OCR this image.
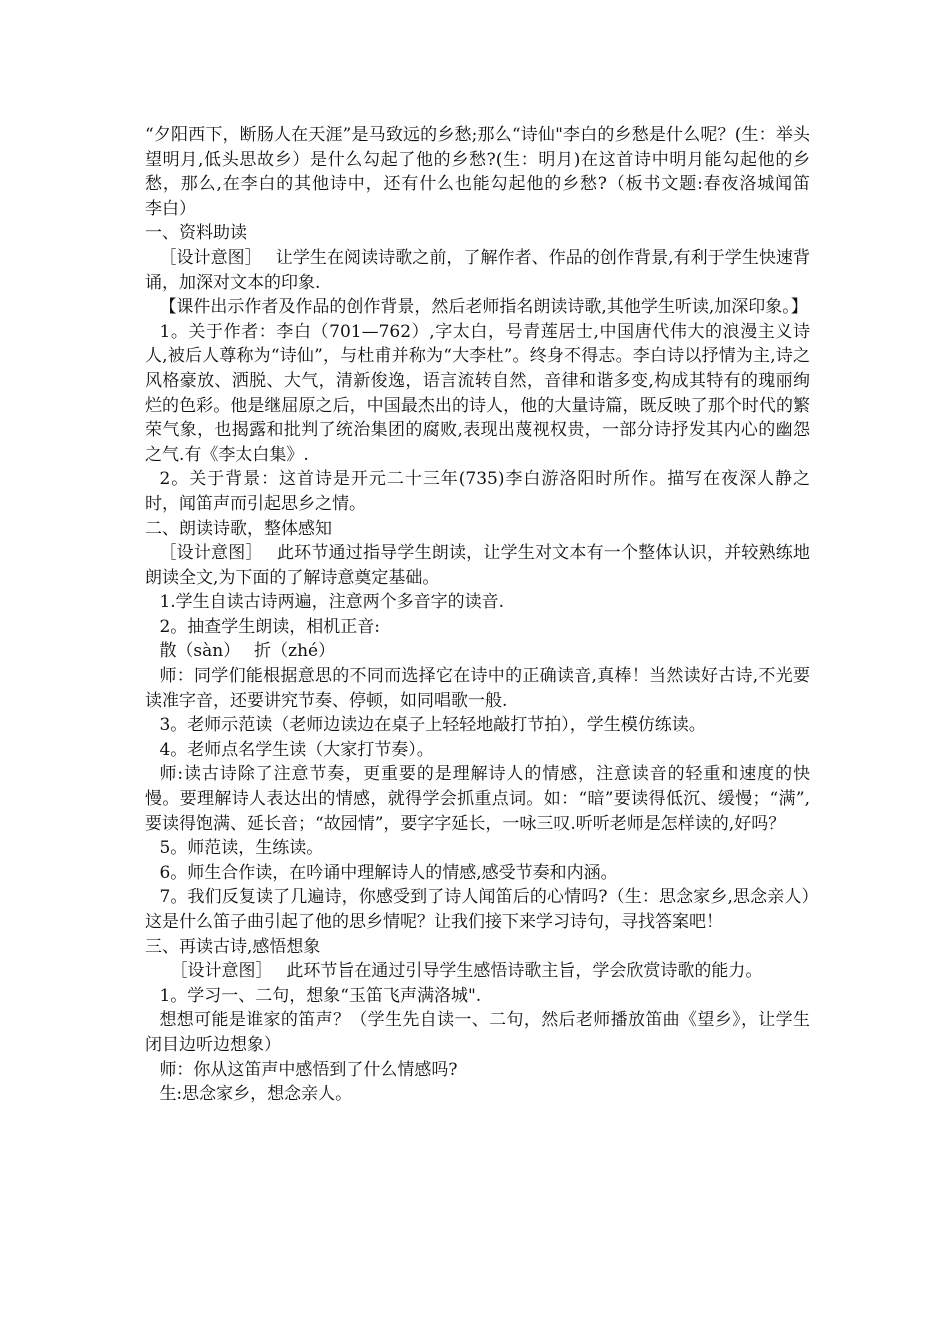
“夕阳西下，断肠人在天涯”是马致远的乡愁;那么“诗仙"李白的乡愁是什么呢？(生：举头望明月,低头思故乡）是什么勾起了他的乡愁?(生：明月)在这首诗中明月能勾起他的乡愁，那么,在李白的其他诗中，还有什么也能勾起他的乡愁?（板书文题:春夜洛城闻笛　李白）

一、资料助读

［设计意图］　 让学生在阅读诗歌之前，了解作者、作品的创作背景,有利于学生快速背诵，加深对文本的印象.

【课件出示作者及作品的创作背景，然后老师指名朗读诗歌,其他学生听读,加深印象。】

1。关于作者：李白（701—762）,字太白，号青莲居士,中国唐代伟大的浪漫主义诗人,被后人尊称为“诗仙”，与杜甫并称为“大李杜”。终身不得志。李白诗以抒情为主,诗之风格豪放、洒脱、大气，清新俊逸，语言流转自然，音律和谐多变,构成其特有的瑰丽绚烂的色彩。他是继屈原之后，中国最杰出的诗人，他的大量诗篇，既反映了那个时代的繁荣气象，也揭露和批判了统治集团的腐败,表现出蔑视权贵，一部分诗抒发其内心的幽怨之气.有《李太白集》.

2。关于背景：这首诗是开元二十三年(735)李白游洛阳时所作。描写在夜深人静之时，闻笛声而引起思乡之情。

二、朗读诗歌，整体感知

［设计意图］　 此环节通过指导学生朗读，让学生对文本有一个整体认识，并较熟练地朗读全文,为下面的了解诗意奠定基础。

1.学生自读古诗两遍，注意两个多音字的读音.

2。抽查学生朗读，相机正音:

散（sàn）　 折（zhé）

师：同学们能根据意思的不同而选择它在诗中的正确读音,真棒！当然读好古诗,不光要读准字音，还要讲究节奏、停顿，如同唱歌一般.

3。老师示范读（老师边读边在桌子上轻轻地敲打节拍），学生模仿练读。

4。老师点名学生读（大家打节奏）。

师:读古诗除了注意节奏，更重要的是理解诗人的情感，注意读音的轻重和速度的快慢。要理解诗人表达出的情感，就得学会抓重点词。如：“暗”要读得低沉、缓慢；“满”,要读得饱满、延长音；“故园情”，要字字延长，一咏三叹.听听老师是怎样读的,好吗？

5。师范读，生练读。

6。师生合作读，在吟诵中理解诗人的情感,感受节奏和内涵。

7。我们反复读了几遍诗，你感受到了诗人闻笛后的心情吗?（生：思念家乡,思念亲人）这是什么笛子曲引起了他的思乡情呢？让我们接下来学习诗句，寻找答案吧！

三、再读古诗,感悟想象

［设计意图］　 此环节旨在通过引导学生感悟诗歌主旨，学会欣赏诗歌的能力。

1。学习一、二句，想象“玉笛飞声满洛城".

想想可能是谁家的笛声？（学生先自读一、二句，然后老师播放笛曲《望乡》，让学生闭目边听边想象）

师：你从这笛声中感悟到了什么情感吗?

生:思念家乡，想念亲人。
